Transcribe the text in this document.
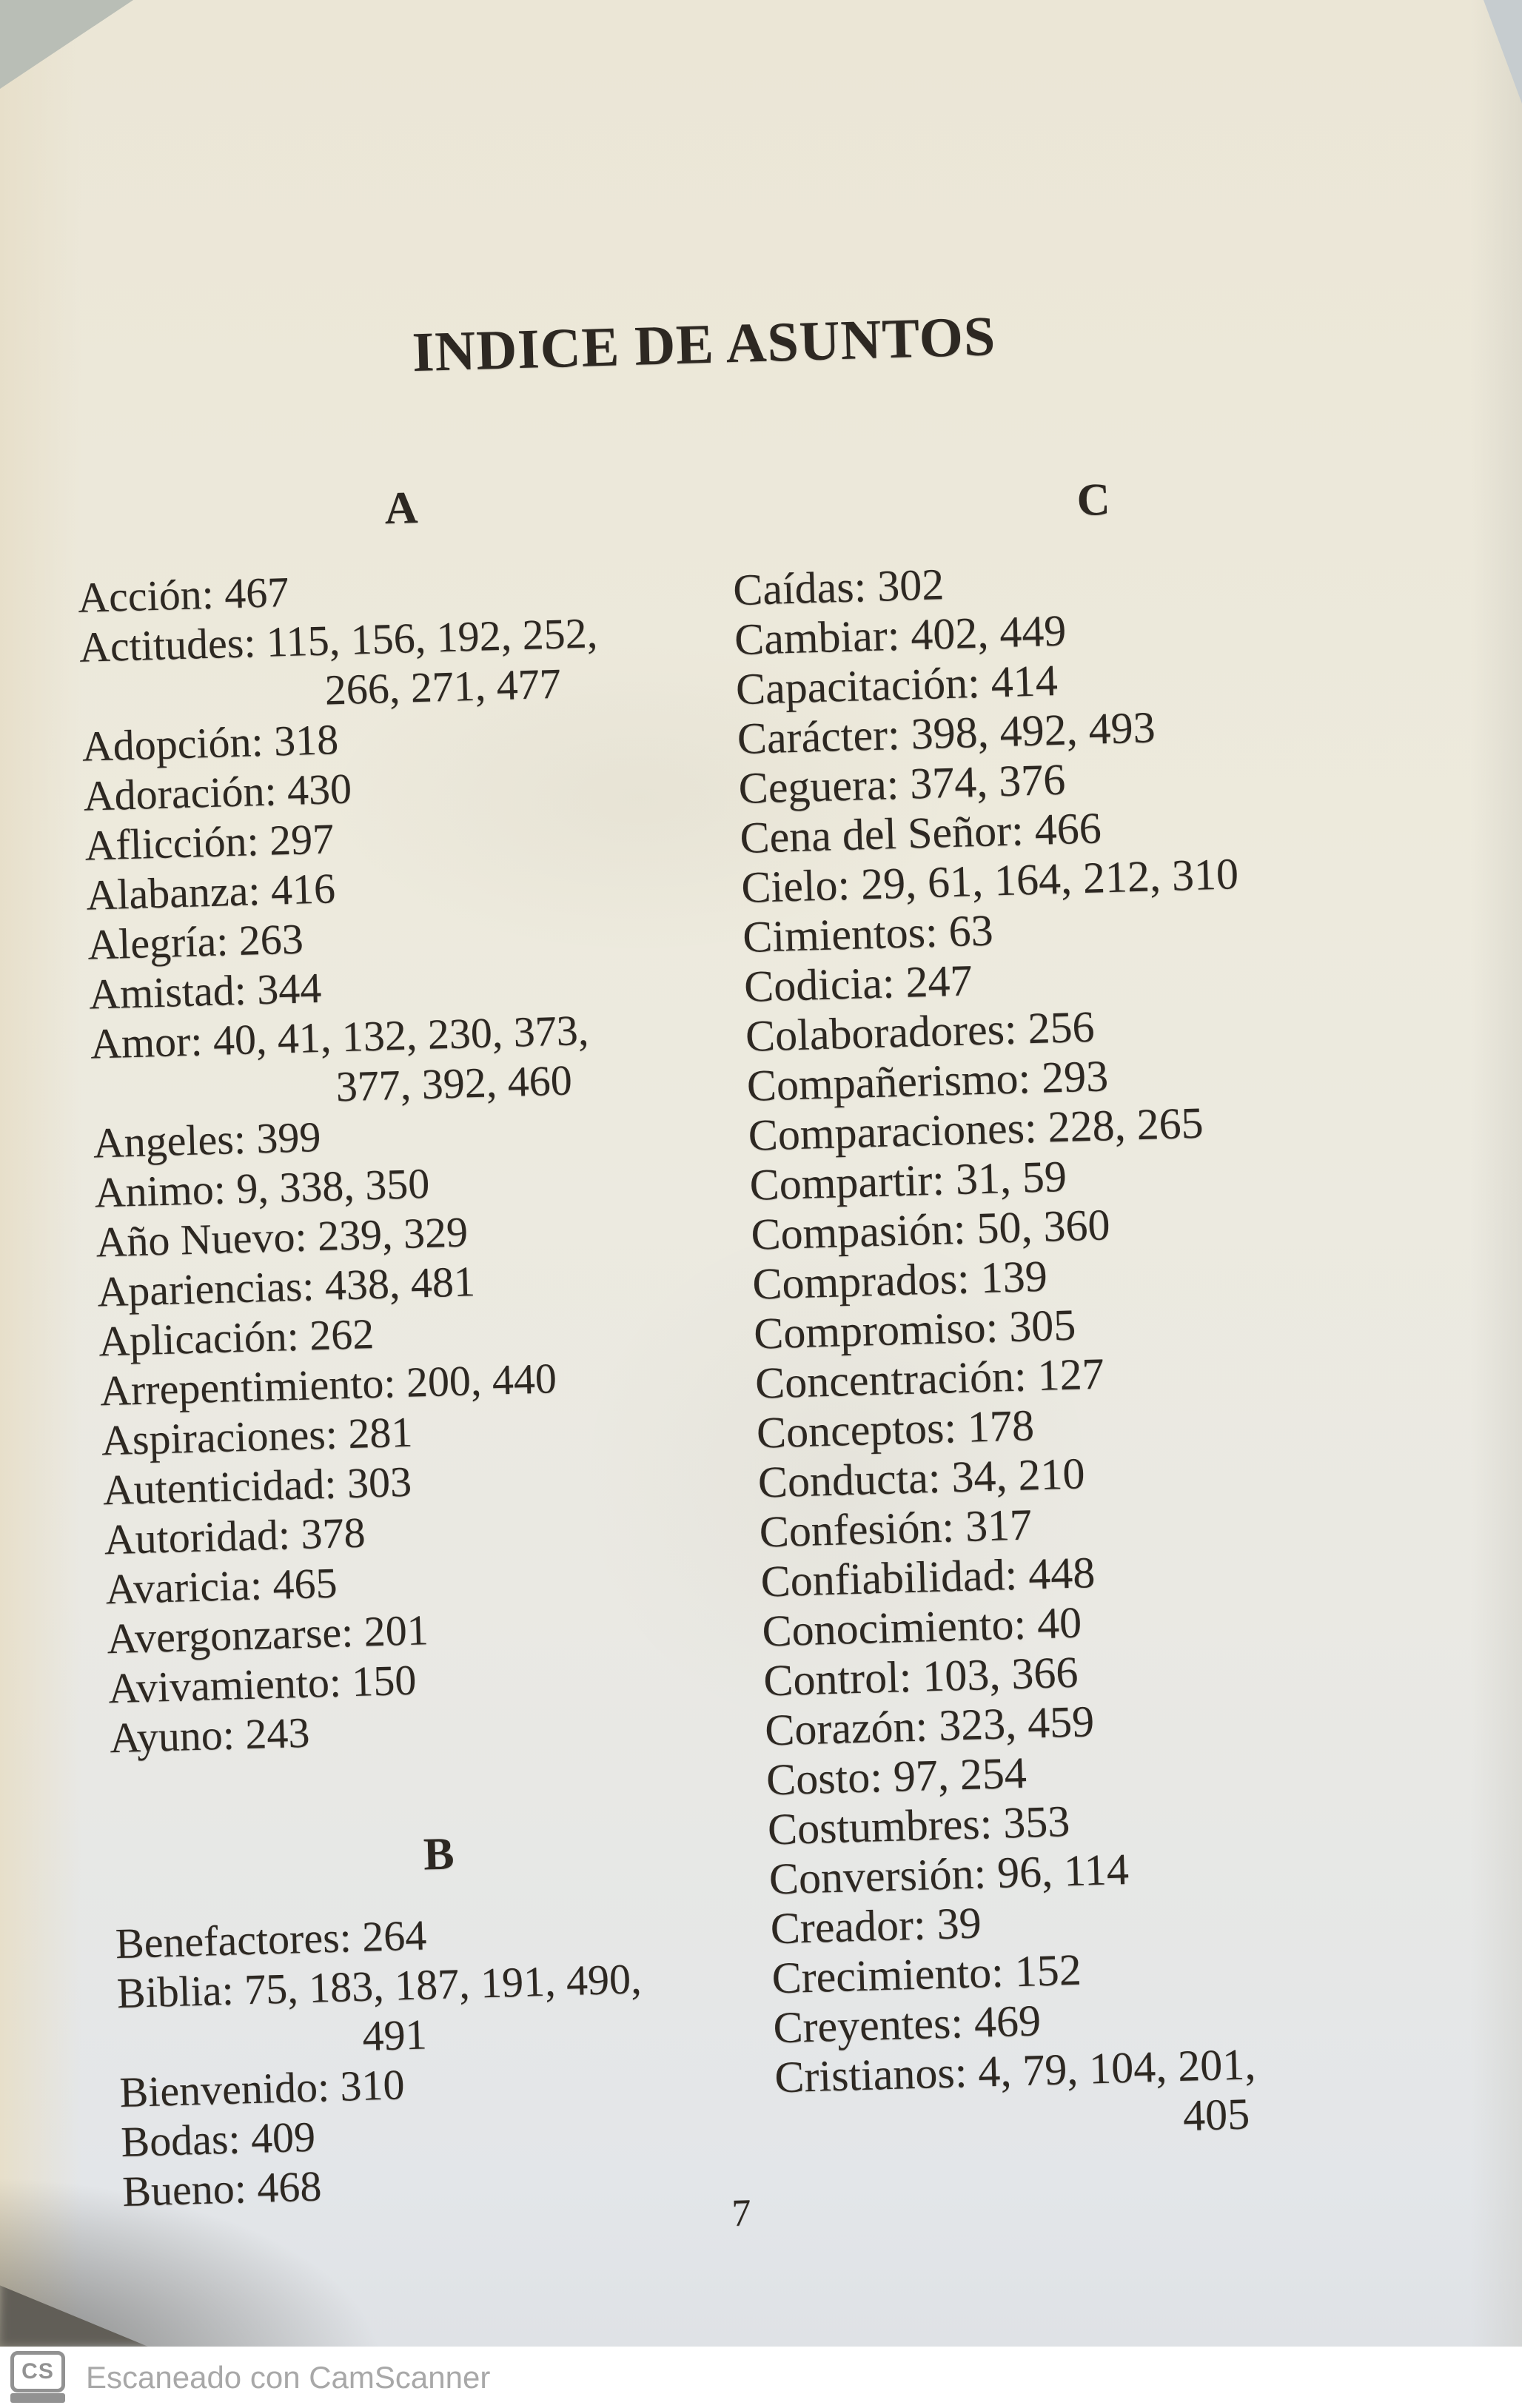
INDICE DE ASUNTOS
A
Acción: 467
Actitudes: 115, 156, 192, 252,
266, 271, 477
Adopción: 318
Adoración: 430
Aflicción: 297
Alabanza: 416
Alegría: 263
Amistad: 344
Amor: 40, 41, 132, 230, 373,
377, 392, 460
Angeles: 399
Animo: 9, 338, 350
Año Nuevo: 239, 329
Apariencias: 438, 481
Aplicación: 262
Arrepentimiento: 200, 440
Aspiraciones: 281
Autenticidad: 303
Autoridad: 378
Avaricia: 465
Avergonzarse: 201
Avivamiento: 150
Ayuno: 243
B
Benefactores: 264
Biblia: 75, 183, 187, 191, 490,
491
Bienvenido: 310
Bodas: 409
Bueno: 468
C
Caídas: 302
Cambiar: 402, 449
Capacitación: 414
Carácter: 398, 492, 493
Ceguera: 374, 376
Cena del Señor: 466
Cielo: 29, 61, 164, 212, 310
Cimientos: 63
Codicia: 247
Colaboradores: 256
Compañerismo: 293
Comparaciones: 228, 265
Compartir: 31, 59
Compasión: 50, 360
Comprados: 139
Compromiso: 305
Concentración: 127
Conceptos: 178
Conducta: 34, 210
Confesión: 317
Confiabilidad: 448
Conocimiento: 40
Control: 103, 366
Corazón: 323, 459
Costo: 97, 254
Costumbres: 353
Conversión: 96, 114
Creador: 39
Crecimiento: 152
Creyentes: 469
Cristianos: 4, 79, 104, 201,
405
7
CS Escaneado con CamScanner
